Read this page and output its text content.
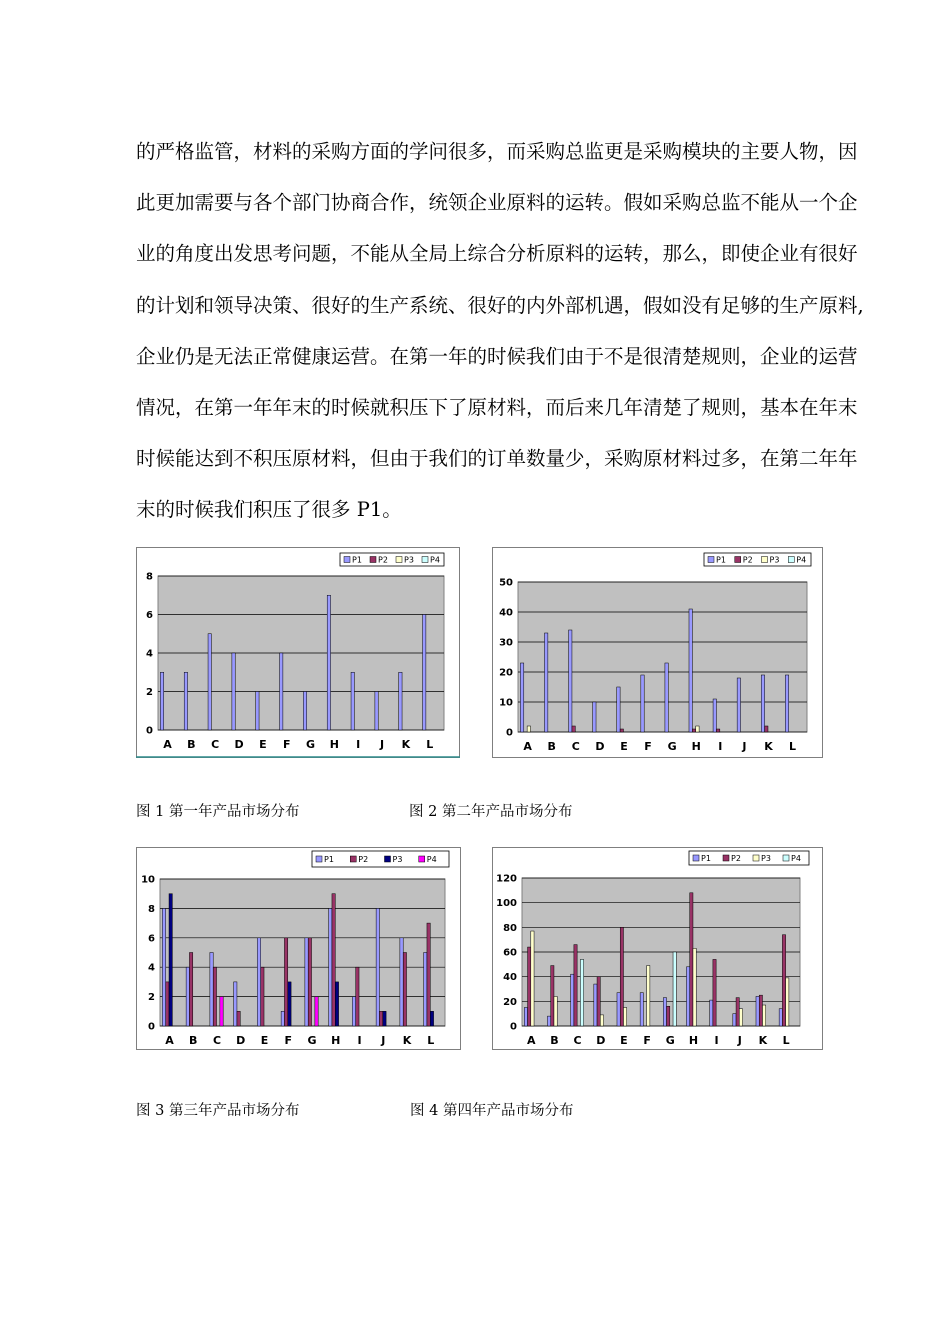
的严格监管，材料的采购方面的学问很多，而采购总监更是采购模块的主要人物，因
此更加需要与各个部门协商合作，统领企业原料的运转。假如采购总监不能从一个企
业的角度出发思考问题，不能从全局上综合分析原料的运转，那么，即使企业有很好
的计划和领导决策、很好的生产系统、很好的内外部机遇，假如没有足够的生产原料,
企业仍是无法正常健康运营。在第一年的时候我们由于不是很清楚规则，企业的运营
情况，在第一年年末的时候就积压下了原材料，而后来几年清楚了规则，基本在年末
时候能达到不积压原材料，但由于我们的订单数量少，采购原材料过多，在第二年年
末的时候我们积压了很多 P1。
0
2
4
6
8
A B C D E F G H I J K L
P1 P2 P3 P4
0
10
20
30
40
50
A B C D E F G H I J K L
P1 P2 P3 P4
0
2
4
6
8
10
A B C D E F G H I J K L
P1	P2	P3	P4
0
20
40
60
80
100
120
A B C D E F G H I J K L
P1	P2	P3	P4
图 1 第一年产品市场分布	图 2 第二年产品市场分布
图 3 第三年产品市场分布	图 4 第四年产品市场分布
